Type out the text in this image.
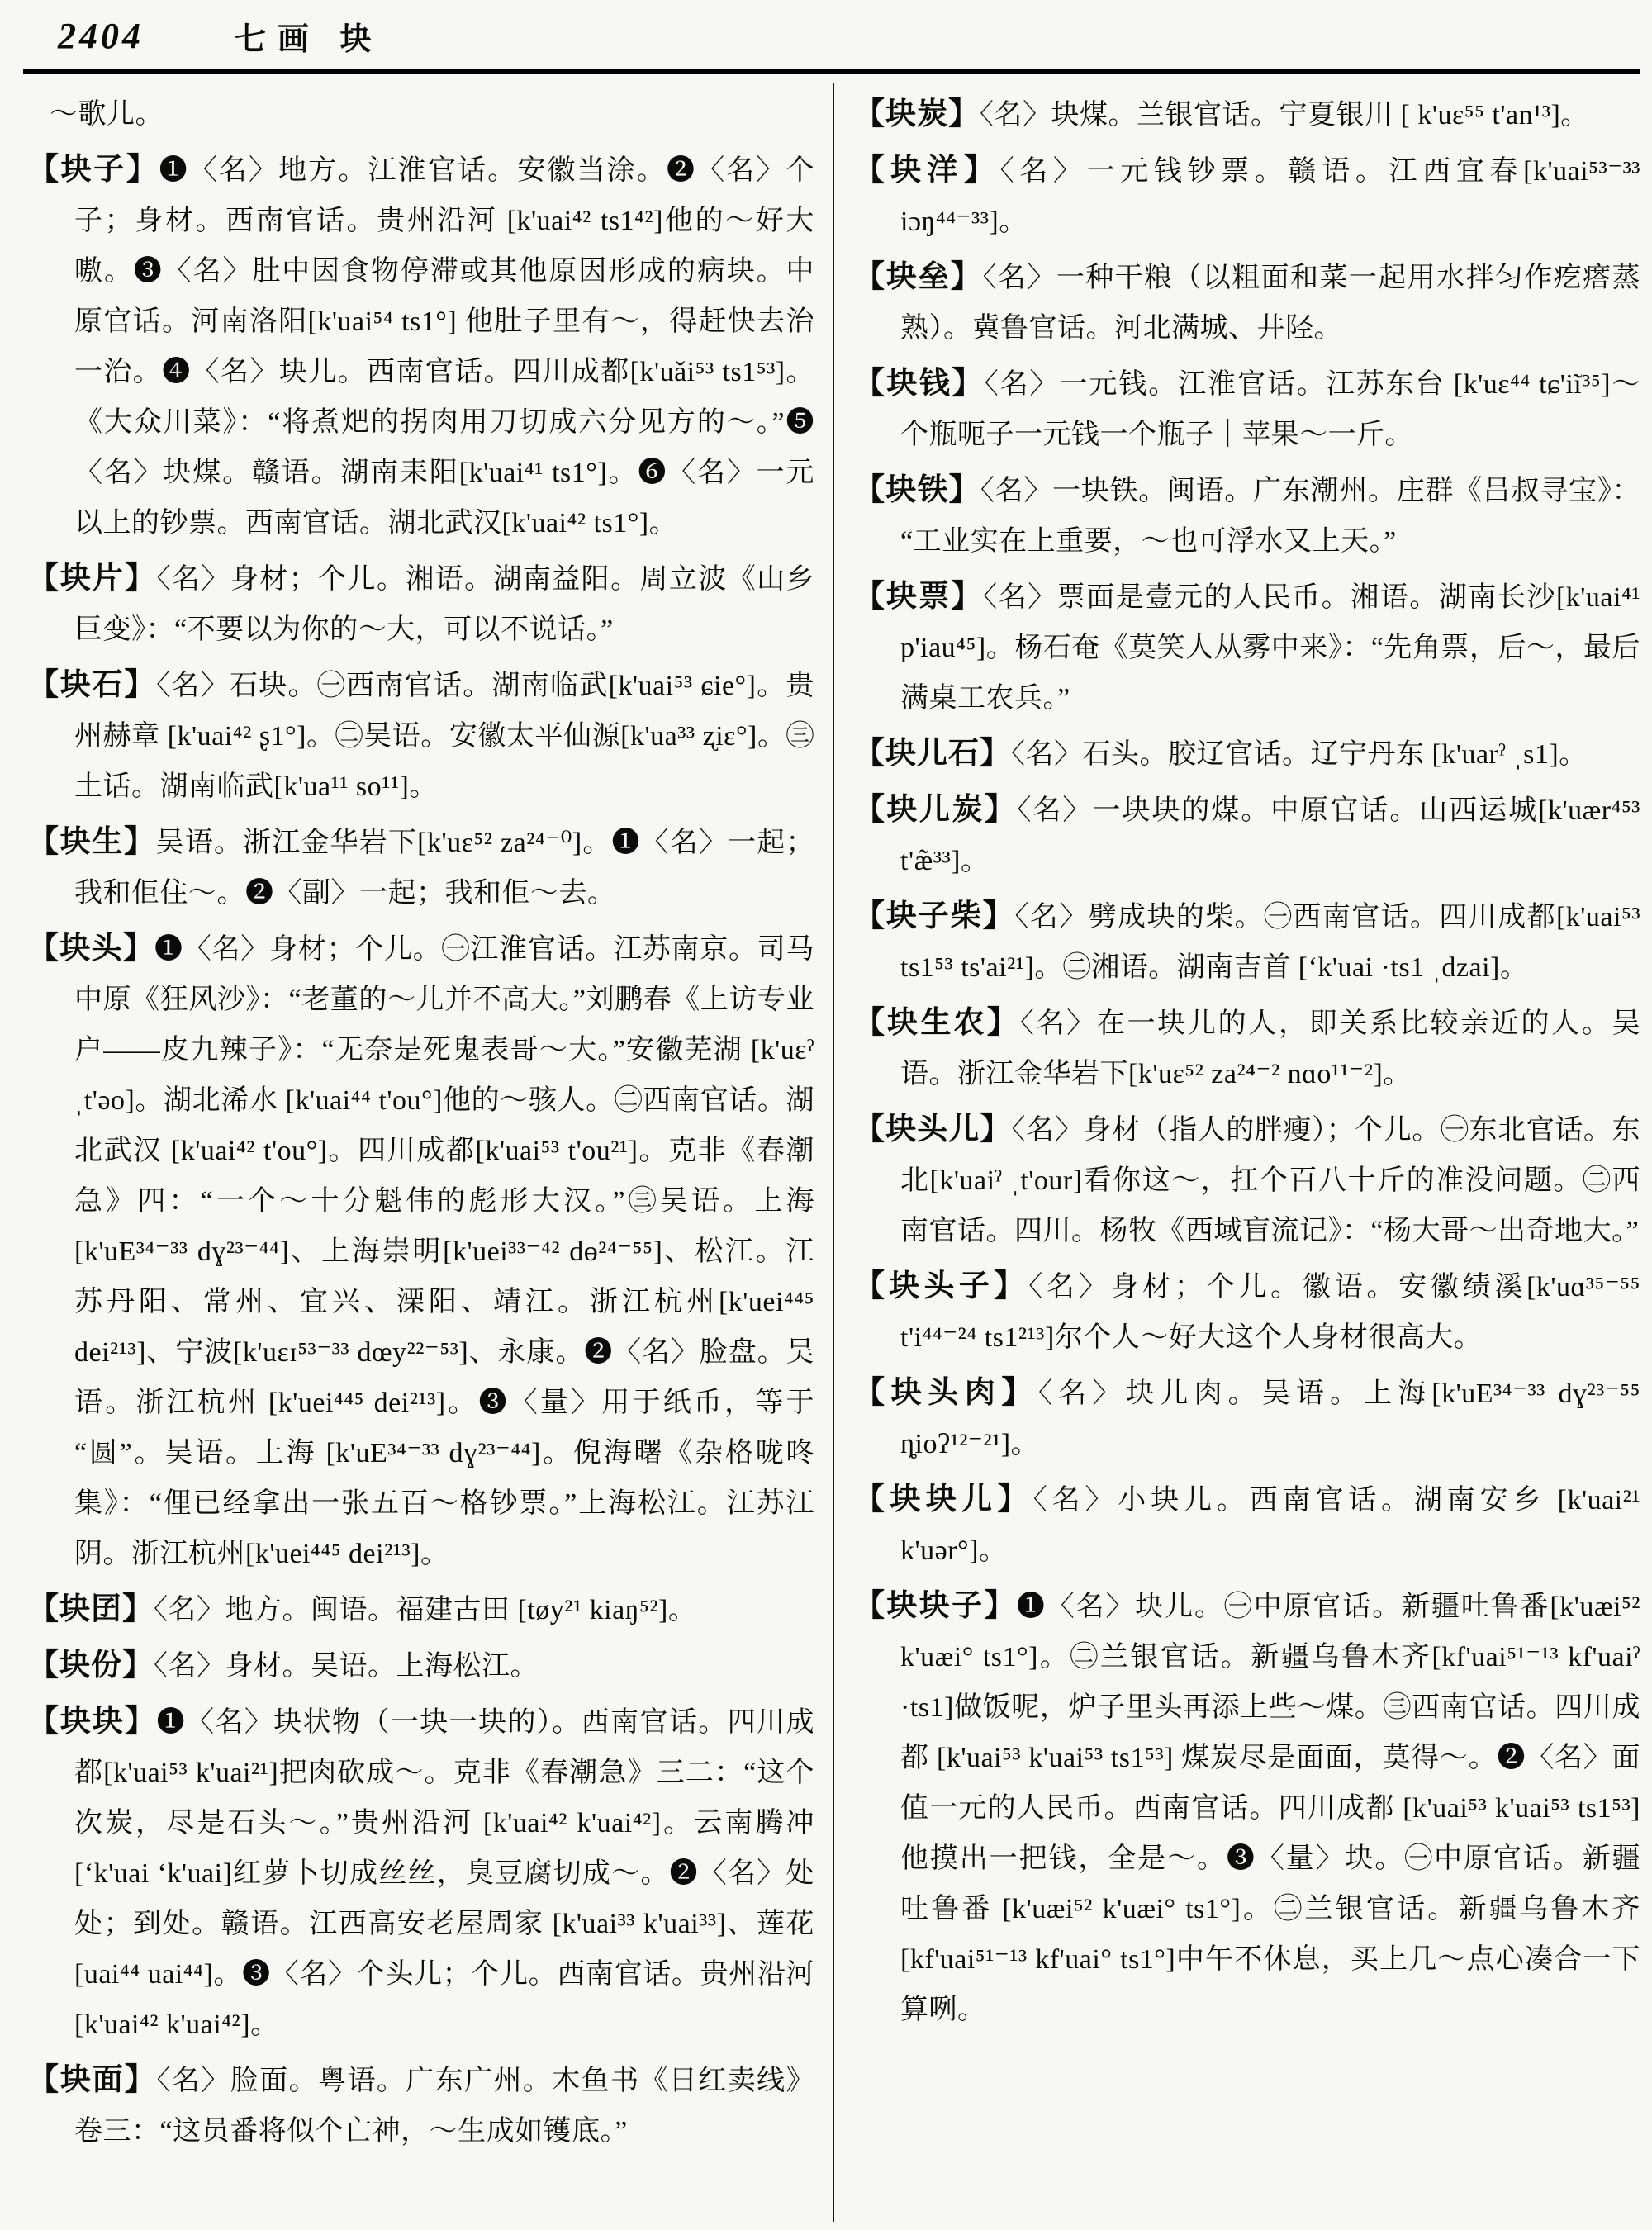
2404	七画 块
～歌儿。
【块子】❶〈名〉地方。江淮官话。安徽当涂。❷〈名〉个子；身材。西南官话。贵州沿河 [k'uai⁴² ts1⁴²]他的～好大嗷。❸〈名〉肚中因食物停滞或其他原因形成的病块。中原官话。河南洛阳[k'uai⁵⁴ ts1°] 他肚子里有～，得赶快去治一治。❹〈名〉块儿。西南官话。四川成都[k'uǎi⁵³ ts1⁵³]。《大众川菜》：“将煮𤆵的拐肉用刀切成六分见方的～。”❺〈名〉块煤。赣语。湖南耒阳[k'uai⁴¹ ts1°]。❻〈名〉一元以上的钞票。西南官话。湖北武汉[k'uai⁴² ts1°]。
【块片】〈名〉身材；个儿。湘语。湖南益阳。周立波《山乡巨变》：“不要以为你的～大，可以不说话。”
【块石】〈名〉石块。㊀西南官话。湖南临武[k'uai⁵³ ɕie°]。贵州赫章 [k'uai⁴² ʂ1°]。㊁吴语。安徽太平仙源[k'ua³³ ʐiɛ°]。㊂土话。湖南临武[k'ua¹¹ so¹¹]。
【块生】吴语。浙江金华岩下[k'uɛ⁵² za²⁴⁻⁰]。❶〈名〉一起；我和佢住～。❷〈副〉一起；我和佢～去。
【块头】❶〈名〉身材；个儿。㊀江淮官话。江苏南京。司马中原《狂风沙》：“老董的～儿并不高大。”刘鹏春《上访专业户——皮九辣子》：“无奈是死鬼表哥～大。”安徽芜湖 [k'uɛˀ ˌt'əo]。湖北浠水 [k'uai⁴⁴ t'ou°]他的～骇人。㊁西南官话。湖北武汉 [k'uai⁴² t'ou°]。四川成都[k'uai⁵³ t'ou²¹]。克非《春潮急》四：“一个～十分魁伟的彪形大汉。”㊂吴语。上海[k'uE³⁴⁻³³ dɣ²³⁻⁴⁴]、上海崇明[k'uei³³⁻⁴² dɵ²⁴⁻⁵⁵]、松江。江苏丹阳、常州、宜兴、溧阳、靖江。浙江杭州[k'uei⁴⁴⁵ dei²¹³]、宁波[k'uɛɪ⁵³⁻³³ dœy²²⁻⁵³]、永康。❷〈名〉脸盘。吴语。浙江杭州 [k'uei⁴⁴⁵ dei²¹³]。❸〈量〉用于纸币，等于“圆”。吴语。上海 [k'uE³⁴⁻³³ dɣ²³⁻⁴⁴]。倪海曙《杂格咙咚集》：“俚已经拿出一张五百～格钞票。”上海松江。江苏江阴。浙江杭州[k'uei⁴⁴⁵ dei²¹³]。
【块囝】〈名〉地方。闽语。福建古田 [tøy²¹ kiaŋ⁵²]。
【块份】〈名〉身材。吴语。上海松江。
【块块】❶〈名〉块状物（一块一块的）。西南官话。四川成都[k'uai⁵³ k'uai²¹]把肉砍成～。克非《春潮急》三二：“这个次炭，尽是石头～。”贵州沿河 [k'uai⁴² k'uai⁴²]。云南腾冲[ʻk'uai ʻk'uai]红萝卜切成丝丝，臭豆腐切成～。❷〈名〉处处；到处。赣语。江西高安老屋周家 [k'uai³³ k'uai³³]、莲花 [uai⁴⁴ uai⁴⁴]。❸〈名〉个头儿；个儿。西南官话。贵州沿河[k'uai⁴² k'uai⁴²]。
【块面】〈名〉脸面。粤语。广东广州。木鱼书《日红卖线》卷三：“这员番将似个亡神，～生成如镬底。”
【块炭】〈名〉块煤。兰银官话。宁夏银川 [ k'uɛ⁵⁵ t'an¹³]。
【块洋】〈名〉一元钱钞票。赣语。江西宜春[k'uai⁵³⁻³³ iɔŋ⁴⁴⁻³³]。
【块垒】〈名〉一种干粮（以粗面和菜一起用水拌匀作疙瘩蒸熟）。冀鲁官话。河北满城、井陉。
【块钱】〈名〉一元钱。江淮官话。江苏东台 [k'uɛ⁴⁴ tɕ'iĩ³⁵]～个瓶呃子一元钱一个瓶子｜苹果～一斤。
【块铁】〈名〉一块铁。闽语。广东潮州。庄群《吕叔寻宝》：“工业实在上重要，～也可浮水又上天。”
【块票】〈名〉票面是壹元的人民币。湘语。湖南长沙[k'uai⁴¹ p'iau⁴⁵]。杨石奄《莫笑人从雾中来》：“先角票，后～，最后满桌工农兵。”
【块儿石】〈名〉石头。胶辽官话。辽宁丹东 [k'uarˀ ˌs1]。
【块儿炭】〈名〉一块块的煤。中原官话。山西运城[k'uær⁴⁵³ t'æ̃³³]。
【块子柴】〈名〉劈成块的柴。㊀西南官话。四川成都[k'uai⁵³ ts1⁵³ ts'ai²¹]。㊁湘语。湖南吉首 [ʻk'uai ·ts1 ˌdzai]。
【块生农】〈名〉在一块儿的人，即关系比较亲近的人。吴语。浙江金华岩下[k'uɛ⁵² za²⁴⁻² nɑo¹¹⁻²]。
【块头儿】〈名〉身材（指人的胖瘦）；个儿。㊀东北官话。东北[k'uaiˀ ˌt'our]看你这～，扛个百八十斤的准没问题。㊁西南官话。四川。杨牧《西域盲流记》：“杨大哥～出奇地大。”
【块头子】〈名〉身材；个儿。徽语。安徽绩溪[k'uɑ³⁵⁻⁵⁵ t'i⁴⁴⁻²⁴ ts1²¹³]尔个人～好大这个人身材很高大。
【块头肉】〈名〉块儿肉。吴语。上海[k'uE³⁴⁻³³ dɣ²³⁻⁵⁵ ȵioʔ¹²⁻²¹]。
【块块儿】〈名〉小块儿。西南官话。湖南安乡 [k'uai²¹ k'uər°]。
【块块子】❶〈名〉块儿。㊀中原官话。新疆吐鲁番[k'uæi⁵² k'uæi° ts1°]。㊁兰银官话。新疆乌鲁木齐[kf'uai⁵¹⁻¹³ kf'uaiˀ ·ts1]做饭呢，炉子里头再添上些～煤。㊂西南官话。四川成都 [k'uai⁵³ k'uai⁵³ ts1⁵³] 煤炭尽是面面，莫得～。❷〈名〉面值一元的人民币。西南官话。四川成都 [k'uai⁵³ k'uai⁵³ ts1⁵³]他摸出一把钱，全是～。❸〈量〉块。㊀中原官话。新疆吐鲁番 [k'uæi⁵² k'uæi° ts1°]。㊁兰银官话。新疆乌鲁木齐[kf'uai⁵¹⁻¹³ kf'uai° ts1°]中午不休息，买上几～点心凑合一下算咧。
